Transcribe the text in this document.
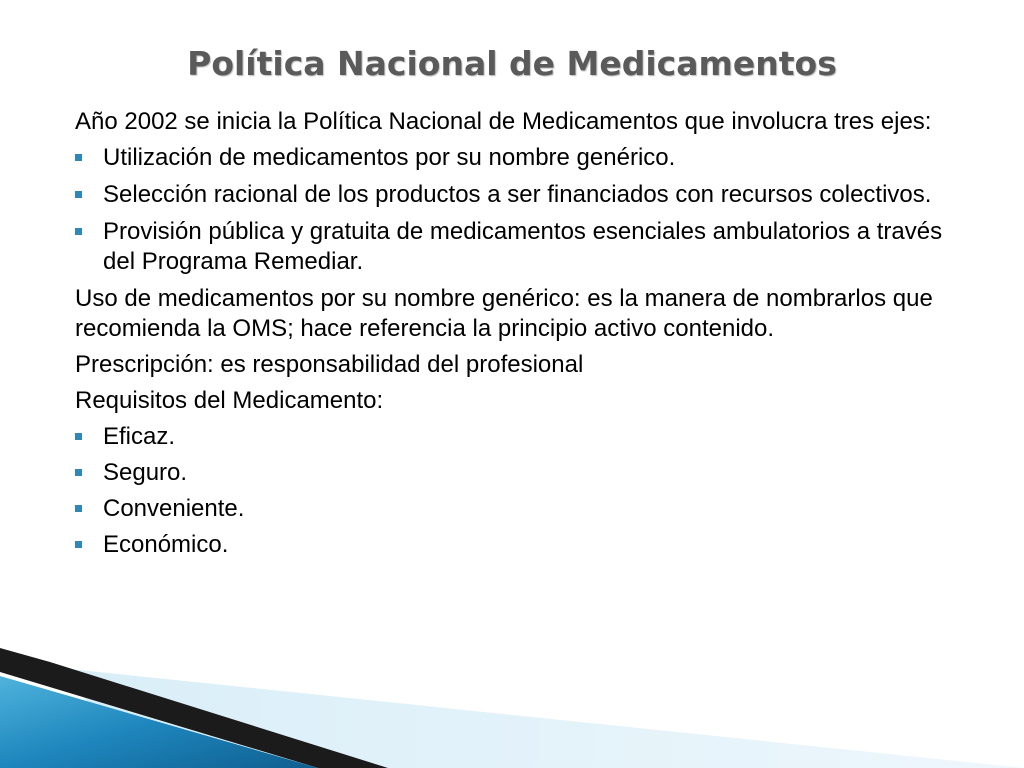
Política Nacional de Medicamentos

Año 2002 se inicia la Política Nacional de Medicamentos que involucra tres ejes:

Utilización de medicamentos por su nombre genérico.
Selección racional de los productos a ser financiados con recursos colectivos.
Provisión pública y gratuita de medicamentos esenciales ambulatorios a través del Programa Remediar.

Uso de medicamentos por su nombre genérico: es la manera de nombrarlos que recomienda la OMS; hace referencia la principio activo contenido.

Prescripción: es responsabilidad del profesional

Requisitos del Medicamento:

Eficaz.
Seguro.
Conveniente.
Económico.
